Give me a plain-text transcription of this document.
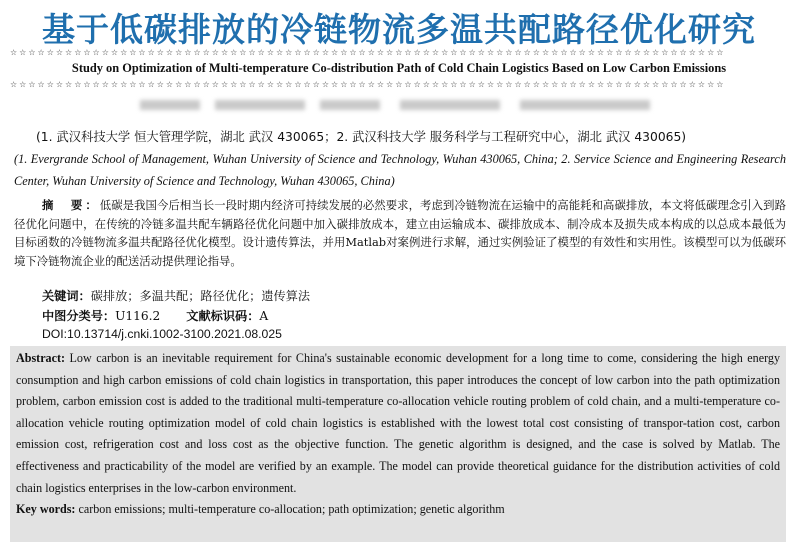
基于低碳排放的冷链物流多温共配路径优化研究
☆☆☆☆☆☆☆☆☆☆☆☆☆☆☆☆☆☆☆☆☆☆☆☆☆☆☆☆☆☆☆☆☆☆☆☆☆☆☆☆☆☆☆☆☆☆☆☆☆☆☆☆☆☆☆☆☆☆☆☆☆☆☆☆☆☆☆☆☆☆☆☆☆☆☆☆☆☆
Study on Optimization of Multi-temperature Co-distribution Path of Cold Chain Logistics Based on Low Carbon Emissions
☆☆☆☆☆☆☆☆☆☆☆☆☆☆☆☆☆☆☆☆☆☆☆☆☆☆☆☆☆☆☆☆☆☆☆☆☆☆☆☆☆☆☆☆☆☆☆☆☆☆☆☆☆☆☆☆☆☆☆☆☆☆☆☆☆☆☆☆☆☆☆☆☆☆☆☆☆☆
(1. 武汉科技大学 恒大管理学院，湖北 武汉 430065；2. 武汉科技大学 服务科学与工程研究中心，湖北 武汉 430065)
(1. Evergrande School of Management, Wuhan University of Science and Technology, Wuhan 430065, China; 2. Service Science and Engineering Research Center, Wuhan University of Science and Technology, Wuhan 430065, China)
摘　要：低碳是我国今后相当长一段时期内经济可持续发展的必然要求，考虑到冷链物流在运输中的高能耗和高碳排放，本文将低碳理念引入到路径优化问题中，在传统的冷链多温共配车辆路径优化问题中加入碳排放成本，建立由运输成本、碳排放成本、制冷成本及损失成本构成的以总成本最低为目标函数的冷链物流多温共配路径优化模型。设计遗传算法，并用Matlab对案例进行求解，通过实例验证了模型的有效性和实用性。该模型可以为低碳环境下冷链物流企业的配送活动提供理论指导。
关键词：碳排放；多温共配；路径优化；遗传算法
中图分类号：U116.2 文献标识码：A
DOI:10.13714/j.cnki.1002-3100.2021.08.025
Abstract: Low carbon is an inevitable requirement for China's sustainable economic development for a long time to come, considering the high energy consumption and high carbon emissions of cold chain logistics in transportation, this paper introduces the concept of low carbon into the path optimization problem, carbon emission cost is added to the traditional multi-temperature co-allocation vehicle routing problem of cold chain, and a multi-temperature co-allocation vehicle routing optimization model of cold chain logistics is established with the lowest total cost consisting of transpor-tation cost, carbon emission cost, refrigeration cost and loss cost as the objective function. The genetic algorithm is designed, and the case is solved by Matlab. The effectiveness and practicability of the model are verified by an example. The model can provide theoretical guidance for the distribution activities of cold chain logistics enterprises in the low-carbon environment.
Key words: carbon emissions; multi-temperature co-allocation; path optimization; genetic algorithm
